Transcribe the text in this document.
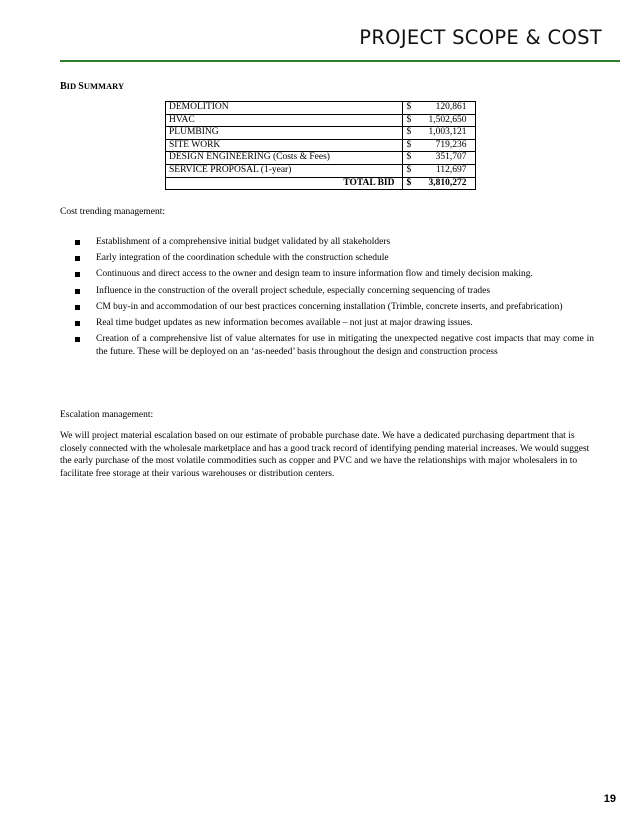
PROJECT SCOPE & COST
BID SUMMARY
DEMOLITION	$ 120,861
HVAC	$ 1,502,650
PLUMBING	$ 1,003,121
SITE WORK	$ 719,236
DESIGN ENGINEERING (Costs & Fees)	$ 351,707
SERVICE PROPOSAL (1-year)	$ 112,697
TOTAL BID	$ 3,810,272
Cost trending management:
Establishment of a comprehensive initial budget validated by all stakeholders
Early integration of the coordination schedule with the construction schedule
Continuous and direct access to the owner and design team to insure information flow and timely decision making.
Influence in the construction of the overall project schedule, especially concerning sequencing of trades
CM buy-in and accommodation of our best practices concerning installation (Trimble, concrete inserts, and prefabrication)
Real time budget updates as new information becomes available – not just at major drawing issues.
Creation of a comprehensive list of value alternates for use in mitigating the unexpected negative cost impacts that may come in the future. These will be deployed on an ‘as-needed’ basis throughout the design and construction process
Escalation management:
We will project material escalation based on our estimate of probable purchase date. We have a dedicated purchasing department that is closely connected with the wholesale marketplace and has a good track record of identifying pending material increases. We would suggest the early purchase of the most volatile commodities such as copper and PVC and we have the relationships with major wholesalers in to facilitate free storage at their various warehouses or distribution centers.
19
